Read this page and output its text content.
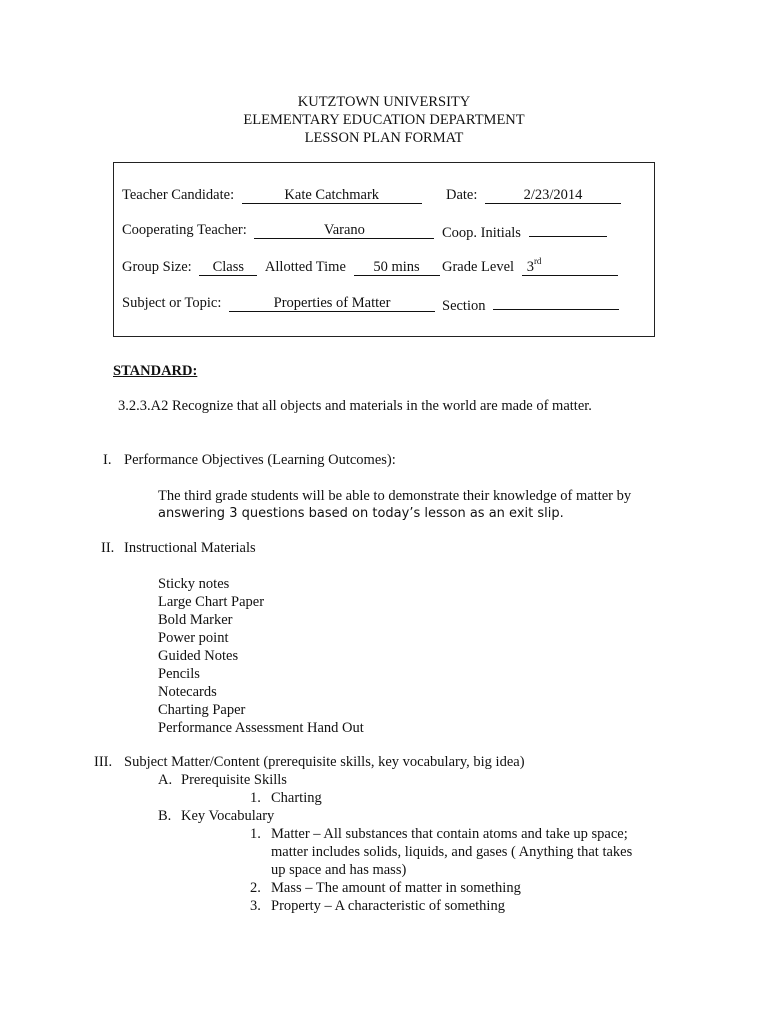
KUTZTOWN UNIVERSITY
ELEMENTARY EDUCATION DEPARTMENT
LESSON PLAN FORMAT
Teacher Candidate:	Kate Catchmark	Date:	2/23/2014
Cooperating Teacher:	Varano	Coop. Initials
Group Size: Class Allotted Time 50 mins	Grade Level 3rd
Subject or Topic:	Properties of Matter	Section
STANDARD:
3.2.3.A2 Recognize that all objects and materials in the world are made of matter.
I. Performance Objectives (Learning Outcomes):
The third grade students will be able to demonstrate their knowledge of matter by
answering 3 questions based on today’s lesson as an exit slip.
II. Instructional Materials
Sticky notes
Large Chart Paper
Bold Marker
Power point
Guided Notes
Pencils
Notecards
Charting Paper
Performance Assessment Hand Out
III. Subject Matter/Content (prerequisite skills, key vocabulary, big idea)
A. Prerequisite Skills
1. Charting
B. Key Vocabulary
1. Matter – All substances that contain atoms and take up space;
matter includes solids, liquids, and gases ( Anything that takes
up space and has mass)
2. Mass – The amount of matter in something
3. Property – A characteristic of something
